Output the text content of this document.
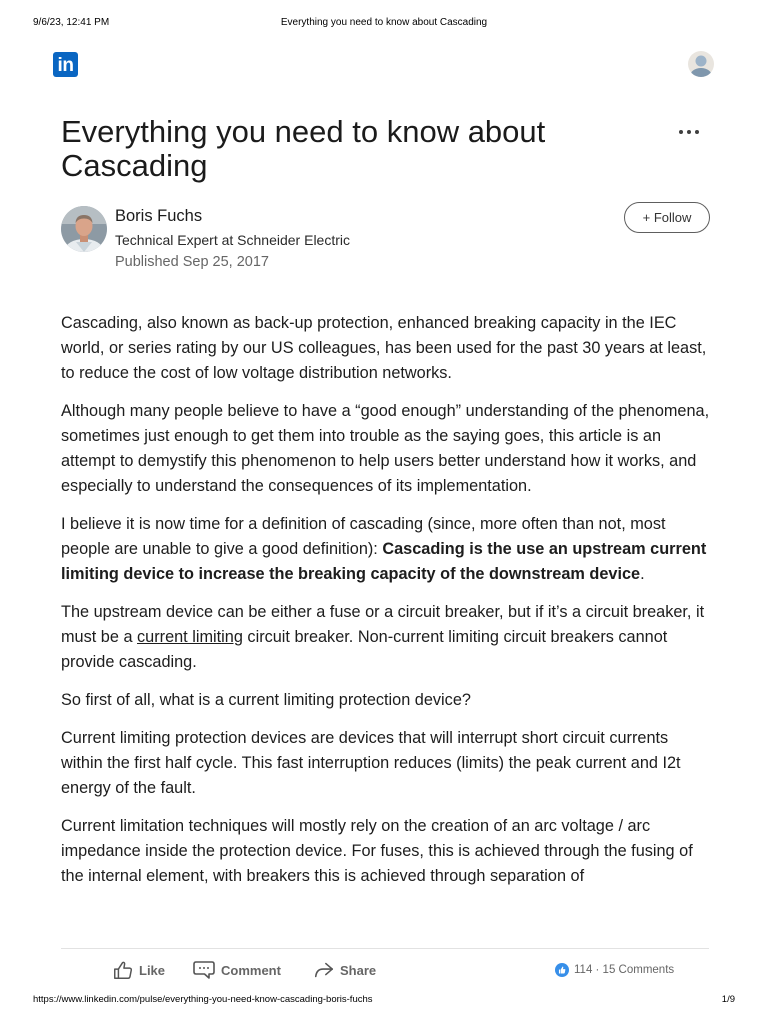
9/6/23, 12:41 PM	Everything you need to know about Cascading
in
Everything you need to know about Cascading
Boris Fuchs
Technical Expert at Schneider Electric
Published Sep 25, 2017
+ Follow

Cascading, also known as back-up protection, enhanced breaking capacity in the IEC world, or series rating by our US colleagues, has been used for the past 30 years at least, to reduce the cost of low voltage distribution networks.

Although many people believe to have a “good enough” understanding of the phenomena, sometimes just enough to get them into trouble as the saying goes, this article is an attempt to demystify this phenomenon to help users better understand how it works, and especially to understand the consequences of its implementation.

I believe it is now time for a definition of cascading (since, more often than not, most people are unable to give a good definition): Cascading is the use an upstream current limiting device to increase the breaking capacity of the downstream device.

The upstream device can be either a fuse or a circuit breaker, but if it’s a circuit breaker, it must be a current limiting circuit breaker. Non-current limiting circuit breakers cannot provide cascading.

So first of all, what is a current limiting protection device?

Current limiting protection devices are devices that will interrupt short circuit currents within the first half cycle. This fast interruption reduces (limits) the peak current and I2t energy of the fault.

Current limitation techniques will mostly rely on the creation of an arc voltage / arc impedance inside the protection device. For fuses, this is achieved through the fusing of the internal element, with breakers this is achieved through separation of

Like	Comment	Share	114 · 15 Comments
https://www.linkedin.com/pulse/everything-you-need-know-cascading-boris-fuchs	1/9
